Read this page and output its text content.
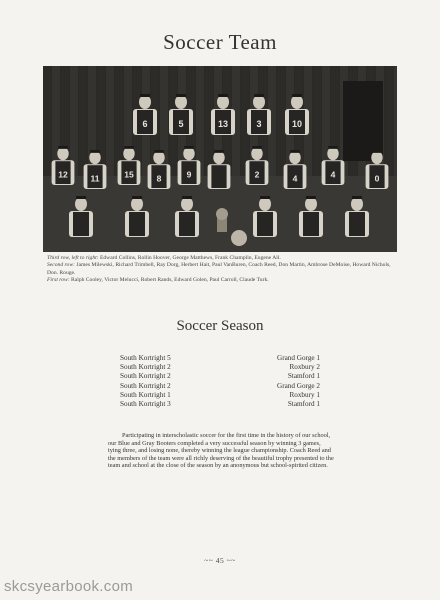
Soccer Team
6	5	13	3	10
12	11	15	8	9	2	4	4	0
Third row, left to right: Edward Collins, Rollin Hoover, George Matthews, Frank Champlin, Eugene All.
Second row: James Milewski, Richard Trimbell, Ray Dorg, Herbert Hait, Paul VanBuren, Coach Reed, Don Martin, Ambrose DeMoise, Howard Nichols, Don. Rouge.
First row: Ralph Cooley, Victor Melucci, Robert Rands, Edward Golen, Paul Carroll, Claude Turk.
Soccer Season
South Kortright 5	Grand Gorge 1
South Kortright 2	Roxbury 2
South Kortright 2	Stamford 1
South Kortright 2	Grand Gorge 2
South Kortright 1	Roxbury 1
South Kortright 3	Stamford 1
Participating in interscholastic soccer for the first time in the history of our school, our Blue and Gray Booters completed a very successful season by winning 3 games, tying three, and losing none, thereby winning the league championship. Coach Reed and the members of the team were all richly deserving of the beautiful trophy presented to the team and school at the close of the season by an anonymous but school-spirited citizen.
~~ 45 ~~
skcsyearbook.com
